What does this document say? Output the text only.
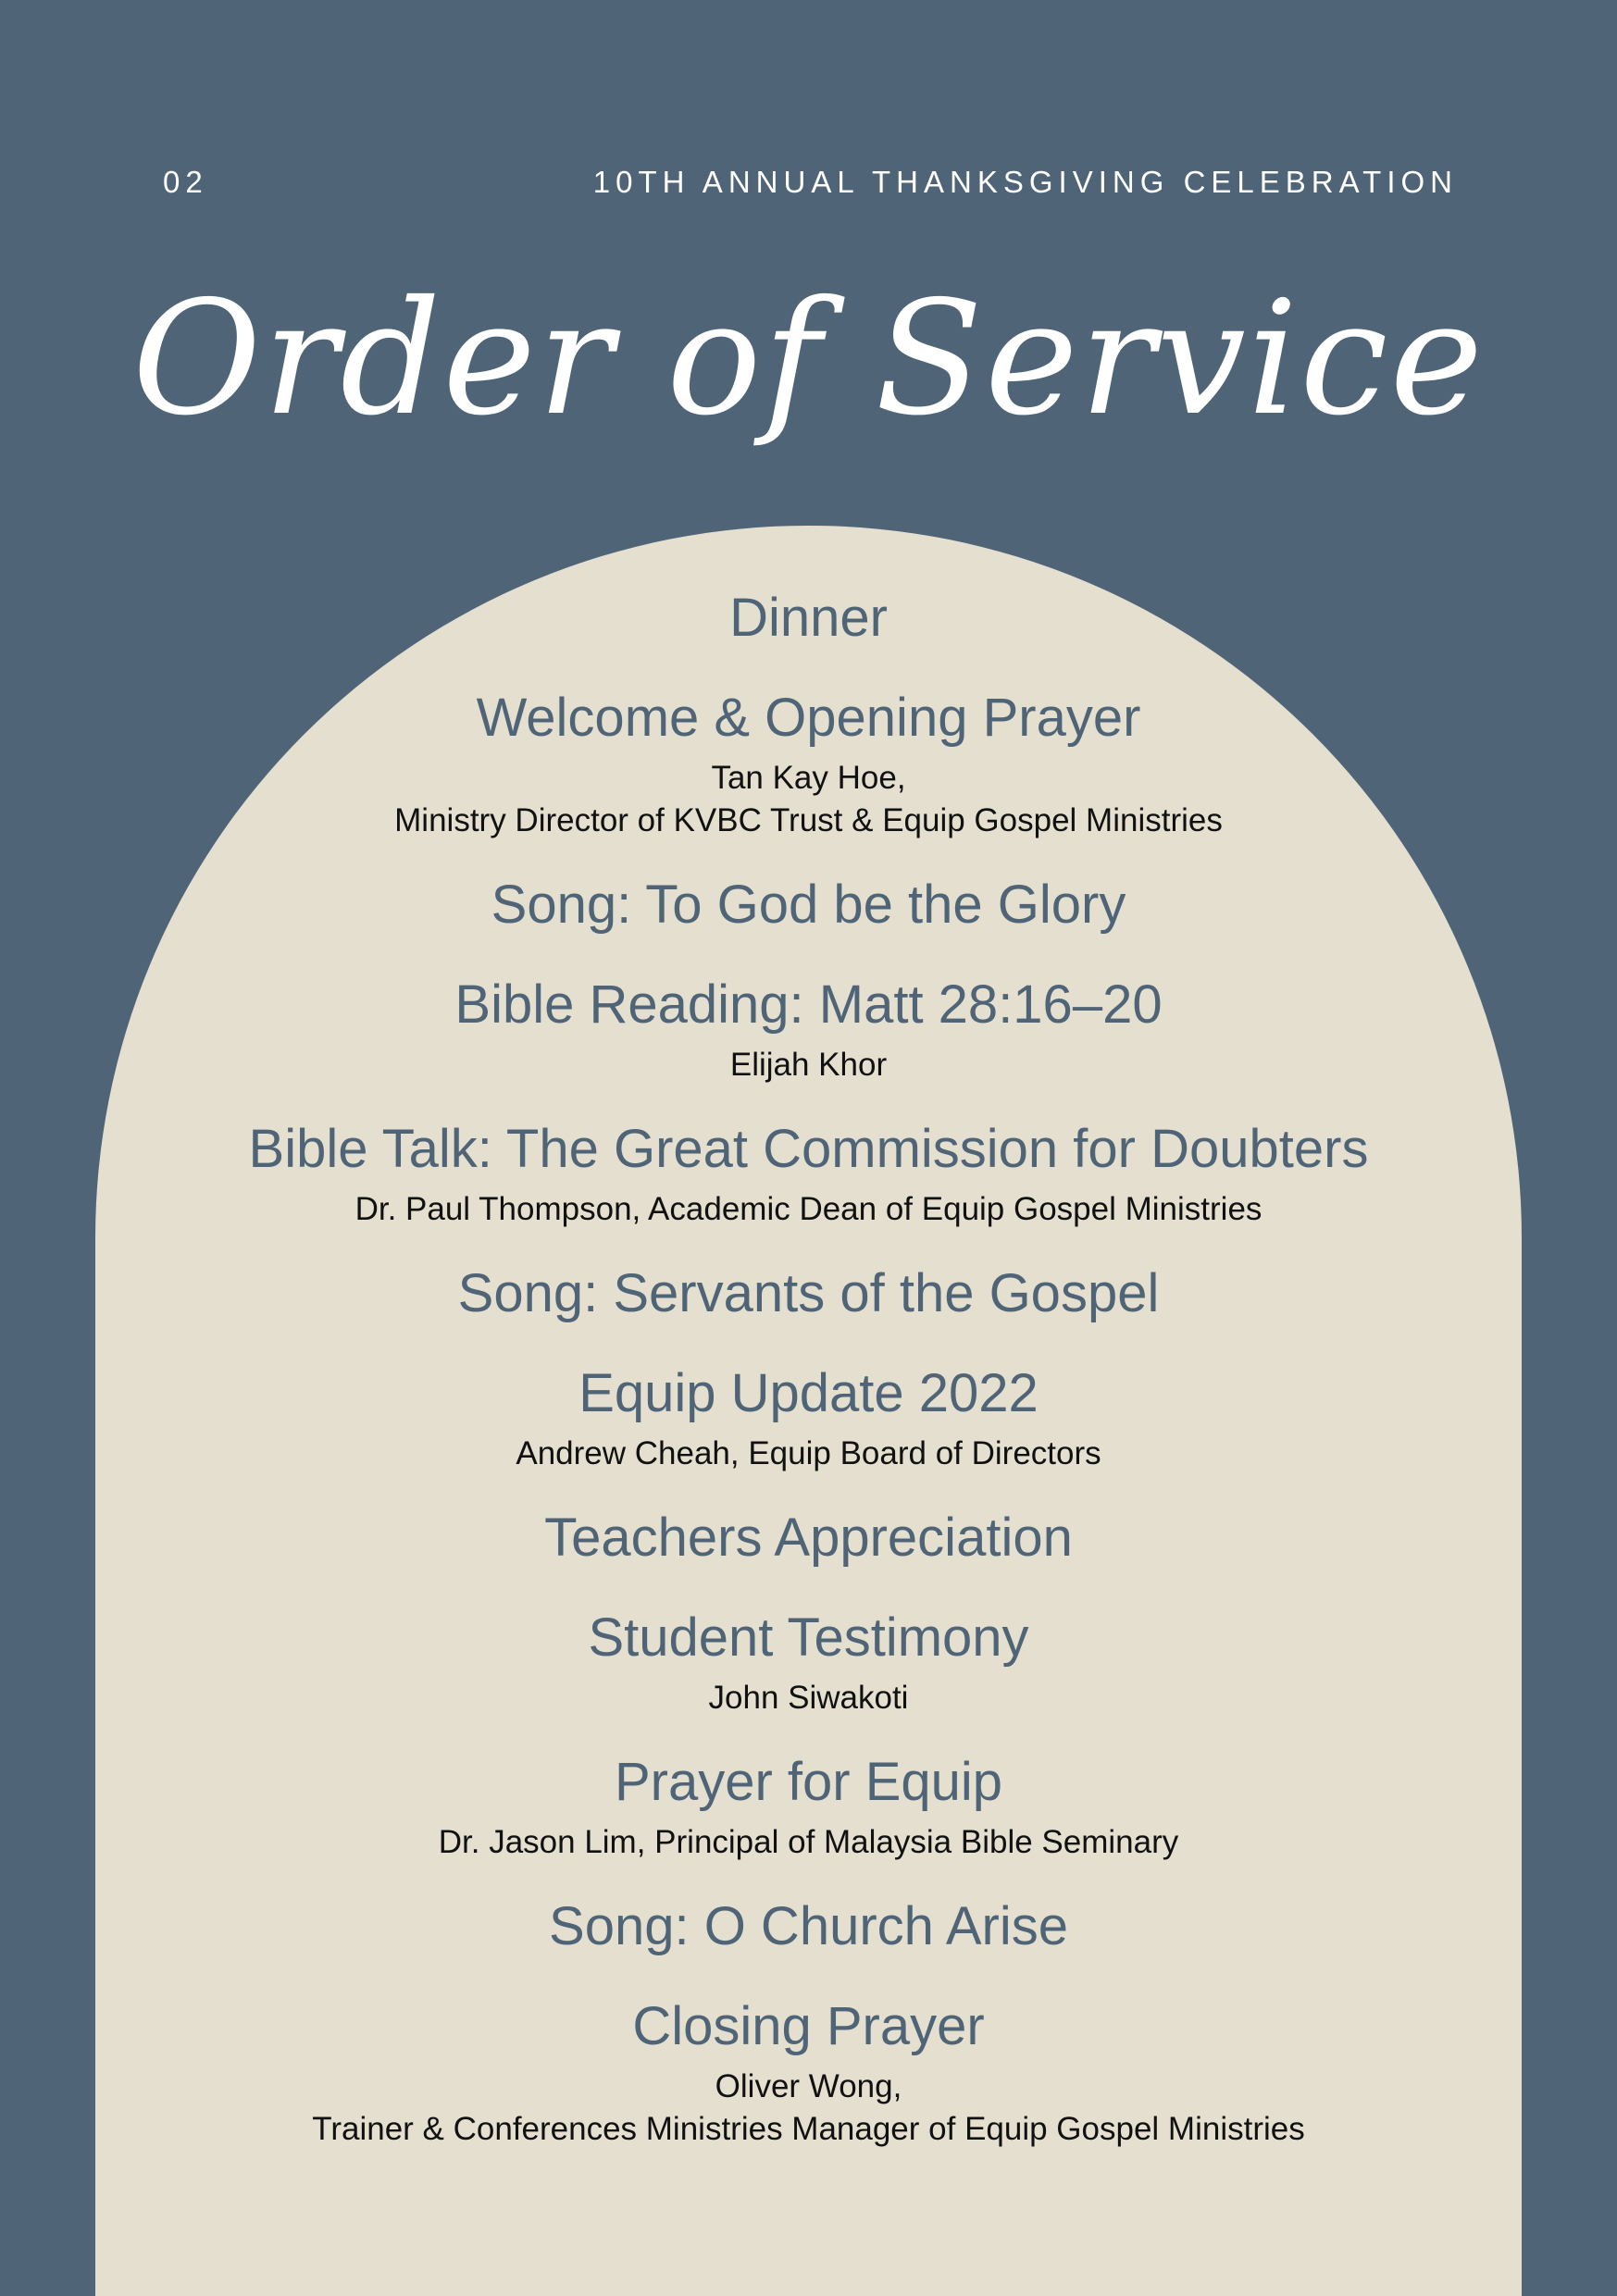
02	10TH ANNUAL THANKSGIVING CELEBRATION
Order of Service
Dinner
Welcome & Opening Prayer
Tan Kay Hoe,
Ministry Director of KVBC Trust & Equip Gospel Ministries
Song: To God be the Glory
Bible Reading: Matt 28:16–20
Elijah Khor
Bible Talk: The Great Commission for Doubters
Dr. Paul Thompson, Academic Dean of Equip Gospel Ministries
Song: Servants of the Gospel
Equip Update 2022
Andrew Cheah, Equip Board of Directors
Teachers Appreciation
Student Testimony
John Siwakoti
Prayer for Equip
Dr. Jason Lim, Principal of Malaysia Bible Seminary
Song: O Church Arise
Closing Prayer
Oliver Wong,
Trainer & Conferences Ministries Manager of Equip Gospel Ministries
